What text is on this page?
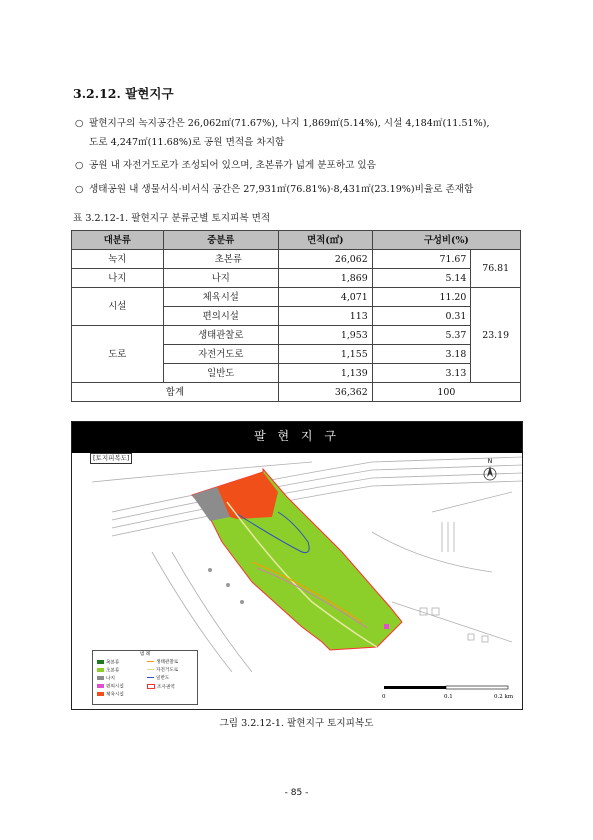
3.2.12. 팔현지구
○ 팔현지구의 녹지공간은 26,062㎡(71.67%), 나지 1,869㎡(5.14%), 시설 4,184㎡(11.51%),
도로 4,247㎡(11.68%)로 공원 면적을 차지함
○ 공원 내 자전거도로가 조성되어 있으며, 초본류가 넓게 분포하고 있음
○ 생태공원 내 생물서식·비서식 공간은 27,931㎡(76.81%)·8,431㎡(23.19%)비율로 존재함
표 3.2.12-1. 팔현지구 분류군별 토지피복 면적
대분류	중분류	면적(㎡)	구성비(%)	
녹지	초본류	26,062	71.67	76.81
나지	나지	1,869	5.14	
시설	체육시설	4,071	11.20	23.19
	편의시설	113	0.31	
도로	생태관찰로	1,953	5.37	
	자전거도로	1,155	3.18	
	일반도	1,139	3.13	
합계		36,362	100	
팔 현 지 구
N
0	0.1	0.2 km
[토지피복도]
범 례
목본류
초본류
나지
편의시설
체육시설
생태관찰로
자전거도로
일반도
조사권역
그림 3.2.12-1. 팔현지구 토지피복도
- 85 -
